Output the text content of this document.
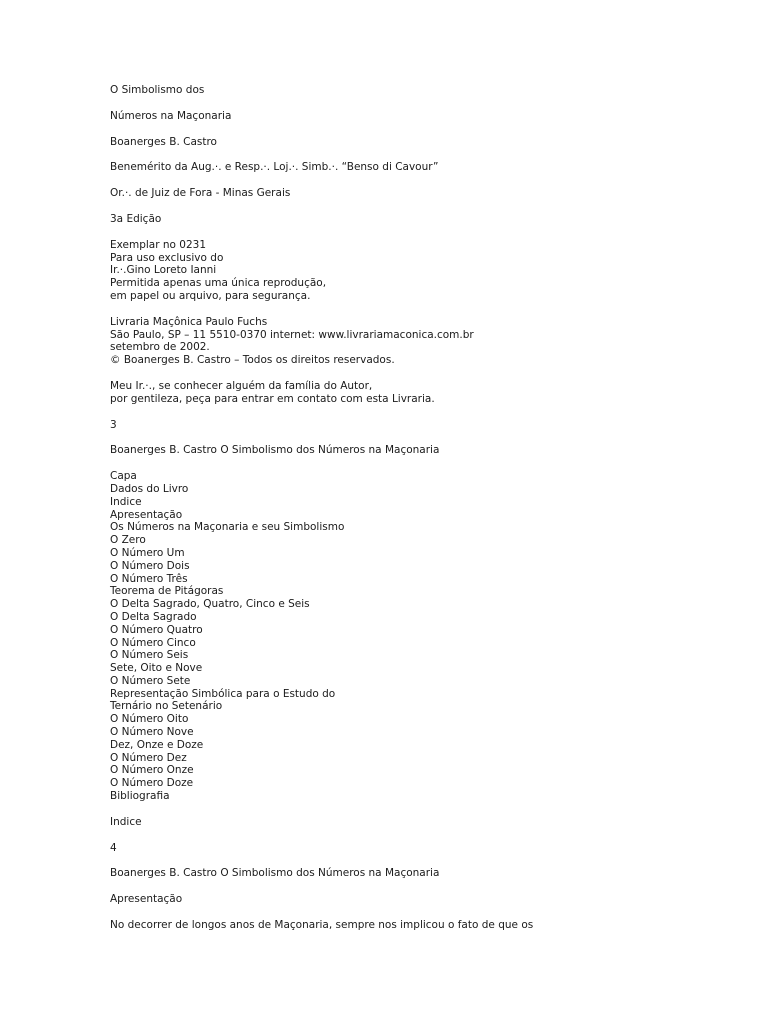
O Simbolismo dos
Números na Maçonaria
Boanerges B. Castro
Benemérito da Aug.·. e Resp.·. Loj.·. Simb.·. “Benso di Cavour”
Or.·. de Juiz de Fora - Minas Gerais
3a Edição
Exemplar no 0231
Para uso exclusivo do
Ir.·.Gino Loreto Ianni
Permitida apenas uma única reprodução,
em papel ou arquivo, para segurança.
Livraria Maçônica Paulo Fuchs
São Paulo, SP – 11 5510-0370 internet: www.livrariamaconica.com.br
setembro de 2002.
© Boanerges B. Castro – Todos os direitos reservados.
Meu Ir.·., se conhecer alguém da família do Autor,
por gentileza, peça para entrar em contato com esta Livraria.
3
Boanerges B. Castro O Simbolismo dos Números na Maçonaria
Capa
Dados do Livro
Indice
Apresentação
Os Números na Maçonaria e seu Simbolismo
O Zero
O Número Um
O Número Dois
O Número Três
Teorema de Pitágoras
O Delta Sagrado, Quatro, Cinco e Seis
O Delta Sagrado
O Número Quatro
O Número Cinco
O Número Seis
Sete, Oito e Nove
O Número Sete
Representação Simbólica para o Estudo do
Ternário no Setenário
O Número Oito
O Número Nove
Dez, Onze e Doze
O Número Dez
O Número Onze
O Número Doze
Bibliografia
Indice
4
Boanerges B. Castro O Simbolismo dos Números na Maçonaria
Apresentação
No decorrer de longos anos de Maçonaria, sempre nos implicou o fato de que os
